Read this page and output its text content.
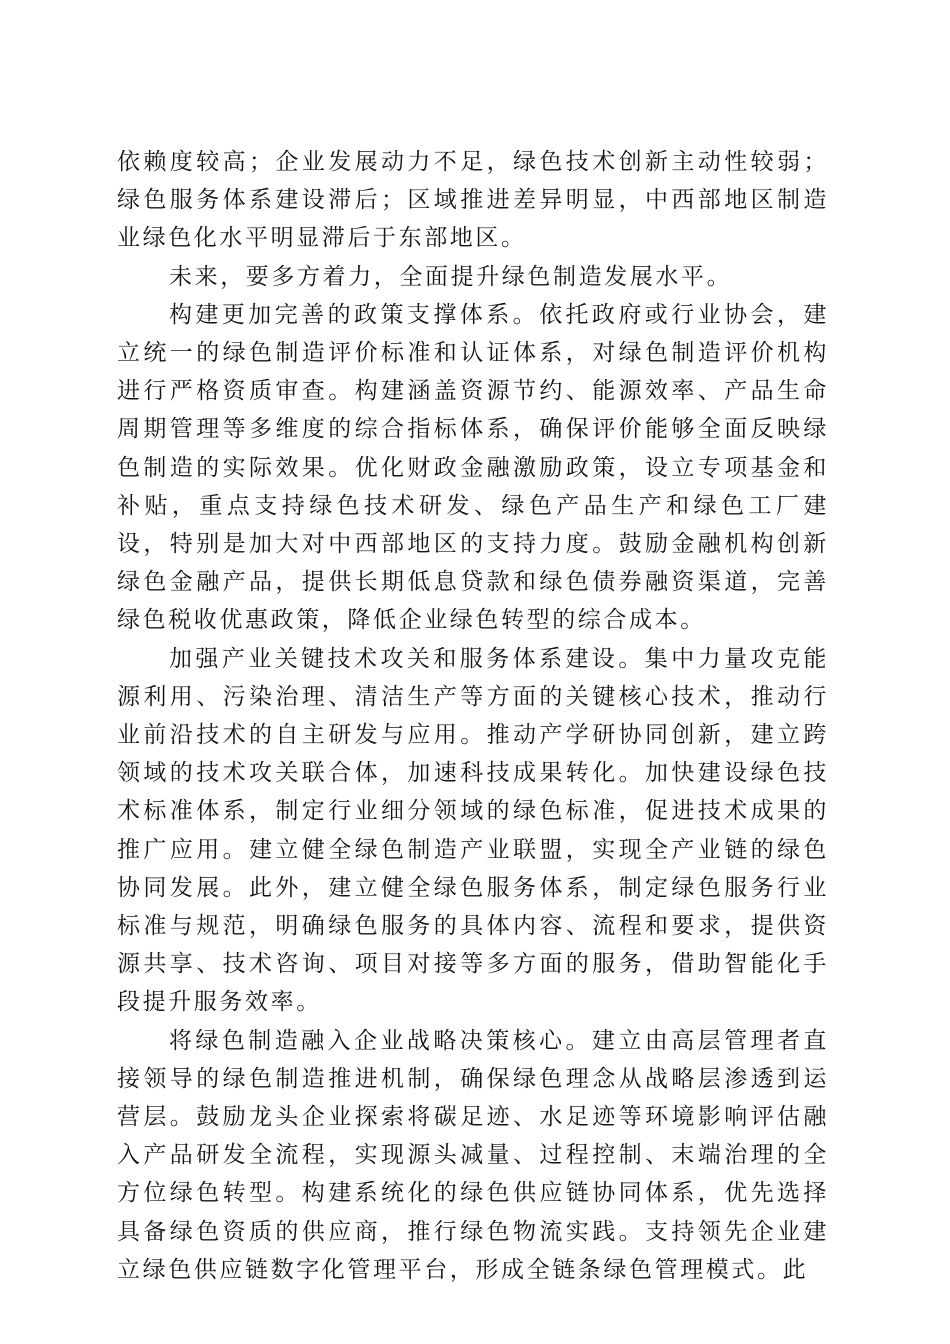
依赖度较高；企业发展动力不足，绿色技术创新主动性较弱；绿色服务体系建设滞后；区域推进差异明显，中西部地区制造业绿色化水平明显滞后于东部地区。

未来，要多方着力，全面提升绿色制造发展水平。

构建更加完善的政策支撑体系。依托政府或行业协会，建立统一的绿色制造评价标准和认证体系，对绿色制造评价机构进行严格资质审查。构建涵盖资源节约、能源效率、产品生命周期管理等多维度的综合指标体系，确保评价能够全面反映绿色制造的实际效果。优化财政金融激励政策，设立专项基金和补贴，重点支持绿色技术研发、绿色产品生产和绿色工厂建设，特别是加大对中西部地区的支持力度。鼓励金融机构创新绿色金融产品，提供长期低息贷款和绿色债券融资渠道，完善绿色税收优惠政策，降低企业绿色转型的综合成本。

加强产业关键技术攻关和服务体系建设。集中力量攻克能源利用、污染治理、清洁生产等方面的关键核心技术，推动行业前沿技术的自主研发与应用。推动产学研协同创新，建立跨领域的技术攻关联合体，加速科技成果转化。加快建设绿色技术标准体系，制定行业细分领域的绿色标准，促进技术成果的推广应用。建立健全绿色制造产业联盟，实现全产业链的绿色协同发展。此外，建立健全绿色服务体系，制定绿色服务行业标准与规范，明确绿色服务的具体内容、流程和要求，提供资源共享、技术咨询、项目对接等多方面的服务，借助智能化手段提升服务效率。

将绿色制造融入企业战略决策核心。建立由高层管理者直接领导的绿色制造推进机制，确保绿色理念从战略层渗透到运营层。鼓励龙头企业探索将碳足迹、水足迹等环境影响评估融入产品研发全流程，实现源头减量、过程控制、末端治理的全方位绿色转型。构建系统化的绿色供应链协同体系，优先选择具备绿色资质的供应商，推行绿色物流实践。支持领先企业建立绿色供应链数字化管理平台，形成全链条绿色管理模式。此
